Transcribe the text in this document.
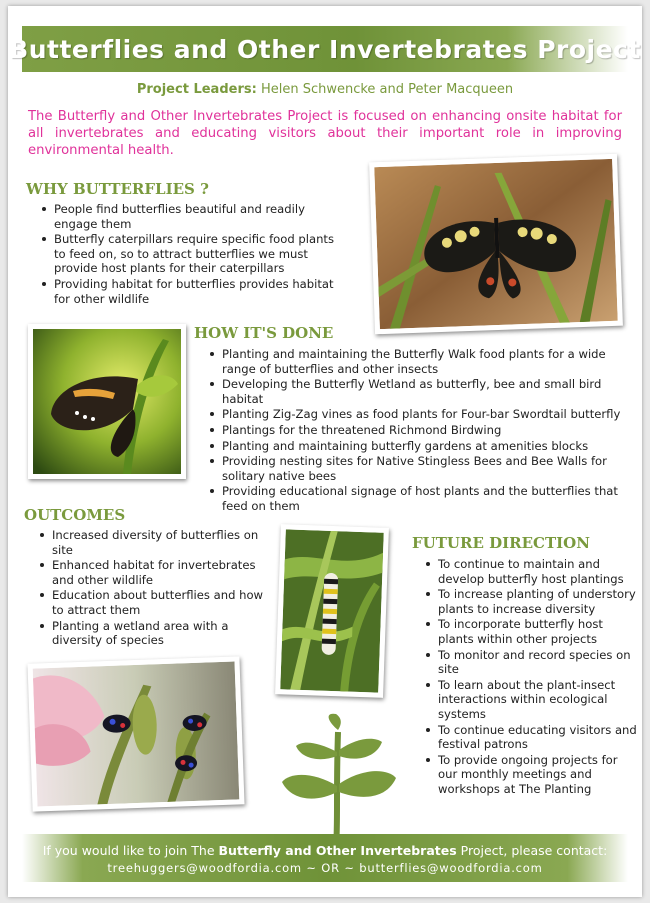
Butterflies and Other Invertebrates Project
Project Leaders: Helen Schwencke and Peter Macqueen

The Butterfly and Other Invertebrates Project is focused on enhancing onsite habitat for all invertebrates and educating visitors about their important role in improving environmental health.

WHY BUTTERFLIES ?
People find butterflies beautiful and readily engage them
Butterfly caterpillars require specific food plants to feed on, so to attract butterflies we must provide host plants for their caterpillars
Providing habitat for butterflies provides habitat for other wildlife
HOW IT'S DONE
Planting and maintaining the Butterfly Walk food plants for a wide range of butterflies and other insects
Developing the Butterfly Wetland as butterfly, bee and small bird habitat
Planting Zig-Zag vines as food plants for Four-bar Swordtail butterfly
Plantings for the threatened Richmond Birdwing
Planting and maintaining butterfly gardens at amenities blocks
Providing nesting sites for Native Stingless Bees and Bee Walls for solitary native bees
Providing educational signage of host plants and the butterflies that feed on them
OUTCOMES
Increased diversity of butterflies on site
Enhanced habitat for invertebrates and other wildlife
Education about butterflies and how to attract them
Planting a wetland area with a diversity of species
FUTURE DIRECTION
To continue to maintain and develop butterfly host plantings
To increase planting of understory plants to increase diversity
To incorporate butterfly host plants within other projects
To monitor and record species on site
To learn about the plant-insect interactions within ecological systems
To continue educating visitors and festival patrons
To provide ongoing projects for our monthly meetings and workshops at The Planting
If you would like to join The Butterfly and Other Invertebrates Project, please contact:
treehuggers@woodfordia.com ~ OR ~ butterflies@woodfordia.com
